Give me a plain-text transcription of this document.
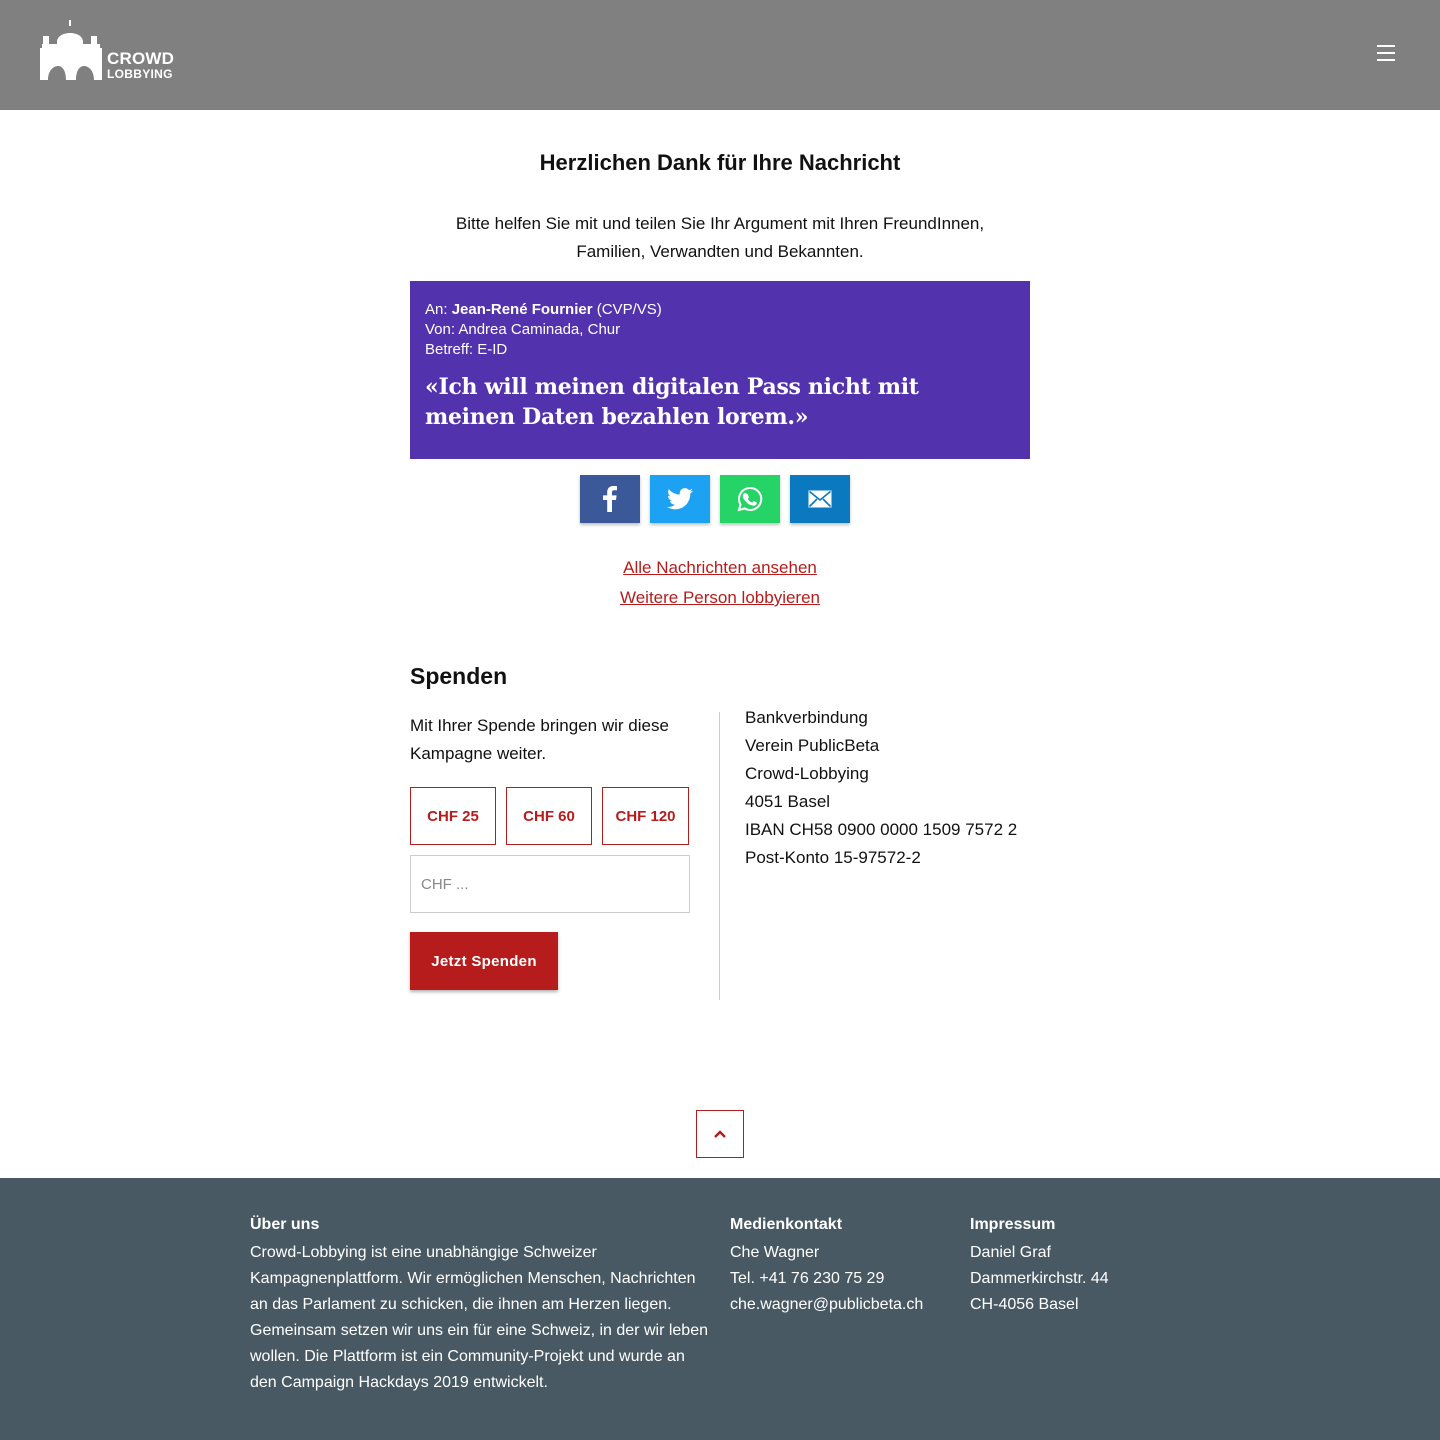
CROWD
LOBBYING
Herzlichen Dank für Ihre Nachricht
Bitte helfen Sie mit und teilen Sie Ihr Argument mit Ihren FreundInnen, Familien, Verwandten und Bekannten.
An: Jean-René Fournier (CVP/VS)
Von: Andrea Caminada, Chur
Betreff: E-ID
«Ich will meinen digitalen Pass nicht mit meinen Daten bezahlen lorem.»
Alle Nachrichten ansehen
Weitere Person lobbyieren
Spenden
Mit Ihrer Spende bringen wir diese Kampagne weiter.
CHF 25	CHF 60	CHF 120
CHF ...
Jetzt Spenden
Bankverbindung
Verein PublicBeta
Crowd-Lobbying
4051 Basel
IBAN CH58 0900 0000 1509 7572 2
Post-Konto 15-97572-2
Über uns
Crowd-Lobbying ist eine unabhängige Schweizer Kampagnenplattform. Wir ermöglichen Menschen, Nachrichten an das Parlament zu schicken, die ihnen am Herzen liegen. Gemeinsam setzen wir uns ein für eine Schweiz, in der wir leben wollen. Die Plattform ist ein Community-Projekt und wurde an den Campaign Hackdays 2019 entwickelt.
Medienkontakt
Che Wagner
Tel. +41 76 230 75 29
che.wagner@publicbeta.ch
Impressum
Daniel Graf
Dammerkirchstr. 44
CH-4056 Basel
